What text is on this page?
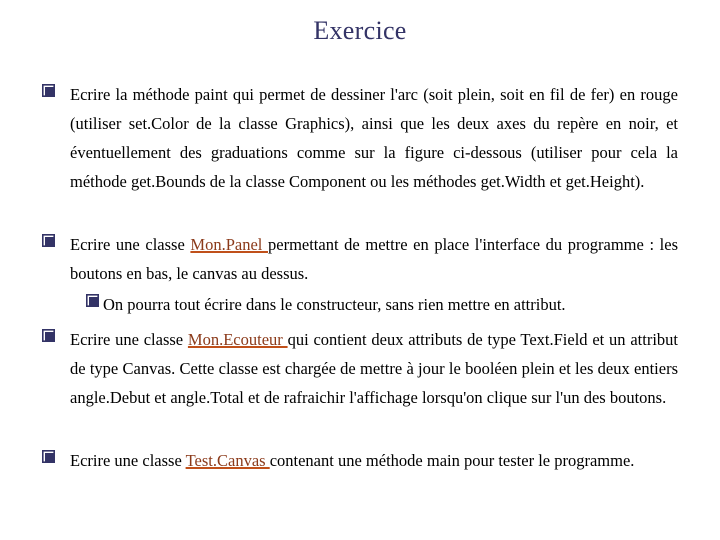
Exercice
Ecrire la méthode paint qui permet de dessiner l'arc (soit plein, soit en fil de fer) en rouge (utiliser set.Color de la classe Graphics), ainsi que les deux axes du repère en noir, et éventuellement des graduations comme sur la figure ci-dessous (utiliser pour cela la méthode get.Bounds de la classe Component ou les méthodes get.Width et get.Height).
Ecrire une classe Mon.Panel permettant de mettre en place l'interface du programme : les boutons en bas, le canvas au dessus.
On pourra tout écrire dans le constructeur, sans rien mettre en attribut.
Ecrire une classe Mon.Ecouteur qui contient deux attributs de type Text.Field et un attribut de type Canvas. Cette classe est chargée de mettre à jour le booléen plein et les deux entiers angle.Debut et angle.Total et de rafraichir l'affichage lorsqu'on clique sur l'un des boutons.
Ecrire une classe Test.Canvas contenant une méthode main pour tester le programme.
